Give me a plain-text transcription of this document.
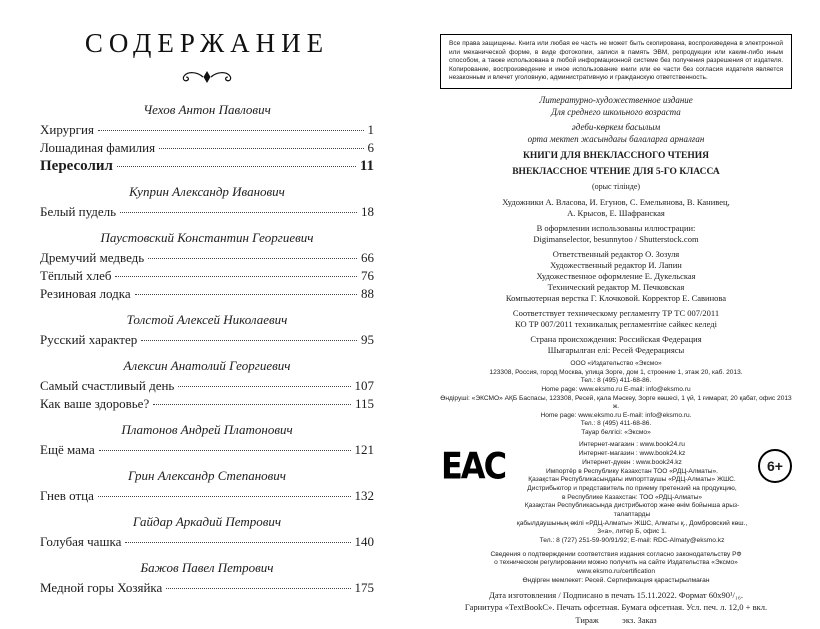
СОДЕРЖАНИЕ
Чехов Антон Павлович
Хирургия	1
Лошадиная фамилия	6
Пересолил	11
Куприн Александр Иванович
Белый пудель	18
Паустовский Константин Георгиевич
Дремучий медведь	66
Тёплый хлеб	76
Резиновая лодка	88
Толстой Алексей Николаевич
Русский характер	95
Алексин Анатолий Георгиевич
Самый счастливый день	107
Как ваше здоровье?	115
Платонов Андрей Платонович
Ещё мама	121
Грин Александр Степанович
Гнев отца	132
Гайдар Аркадий Петрович
Голубая чашка	140
Бажов Павел Петрович
Медной горы Хозяйка	175
Все права защищены. Книга или любая ее часть не может быть скопирована, воспроизведена в электронной или механической форме, в виде фотокопии, записи в память ЭВМ, репродукции или каким-либо иным способом, а также использована в любой информационной системе без получения разрешения от издателя. Копирование, воспроизведение и иное использование книги или ее части без согласия издателя является незаконным и влечет уголовную, административную и гражданскую ответственность.
Литературно-художественное издание
Для среднего школьного возраста
әдеби-көркем басылым
орта мектеп жасындағы балаларға арналған
КНИГИ ДЛЯ ВНЕКЛАССНОГО ЧТЕНИЯ
ВНЕКЛАССНОЕ ЧТЕНИЕ ДЛЯ 5-ГО КЛАССА
(орыс тілінде)
Художники А. Власова, И. Егунов, С. Емельянова, В. Канивец,
А. Крысов, Е. Шафранская
В оформлении использованы иллюстрации:
Digimanselector, besunnytoo / Shutterstock.com
Ответственный редактор О. Зозуля
Художественный редактор И. Лапин
Художественное оформление Е. Дукельская
Технический редактор М. Печковская
Компьютерная верстка Г. Клочковой. Корректор Е. Савинова
Соответствует техническому регламенту ТР ТС 007/2011
КО ТР 007/2011 техникалық регламентіне сәйкес келеді
Страна происхождения: Российская Федерация
Шығарылған елі: Ресей Федерациясы
ООО «Издательство «Эксмо»
123308, Россия, город Москва, улица Зорге, дом 1, строение 1, этаж 20, каб. 2013.
Тел.: 8 (495) 411-68-86.
Home page: www.eksmo.ru E-mail: info@eksmo.ru
Өндіруші: «ЭКСМО» АҚБ Баспасы, 123308, Ресей, қала Мәскеу, Зорге көшесі, 1 үй, 1 ғимарат, 20 қабат, офис 2013 ж.
Home page: www.eksmo.ru E-mail: info@eksmo.ru.
Тел.: 8 (495) 411-68-86.
Тауар белгісі: «Эксмо»
ЕАС	Интернет-магазин : www.book24.ru
Интернет-магазин : www.book24.kz
Интернет-дүкен : www.book24.kz
Импортёр в Республику Казахстан ТОО «РДЦ-Алматы».
Қазақстан Республикасындағы импорттаушы «РДЦ-Алматы» ЖШС.
Дистрибьютор и представитель по приему претензий на продукцию,
в Республике Казахстан: ТОО «РДЦ-Алматы»
Қазақстан Республикасында дистрибьютор және өнім бойынша арыз-талаптарды
қабылдаушының өкілі «РДЦ-Алматы» ЖШС, Алматы қ., Домбровский көш., 3«а», литер Б, офис 1.
Тел.: 8 (727) 251-59-90/91/92; E-mail: RDC-Almaty@eksmo.kz
6+
Сведения о подтверждении соответствия издания согласно законодательству РФ
о техническом регулировании можно получить на сайте Издательства «Эксмо»
www.eksmo.ru/certification
Өндірген мемлекет: Ресей. Сертификация қарастырылмаған
Дата изготовления / Подписано в печать 15.11.2022. Формат 60x90¹/₁₆.
Гарнитура «TextBookC». Печать офсетная. Бумага офсетная. Усл. печ. л. 12,0 + вкл.
Тираж           экз. Заказ
